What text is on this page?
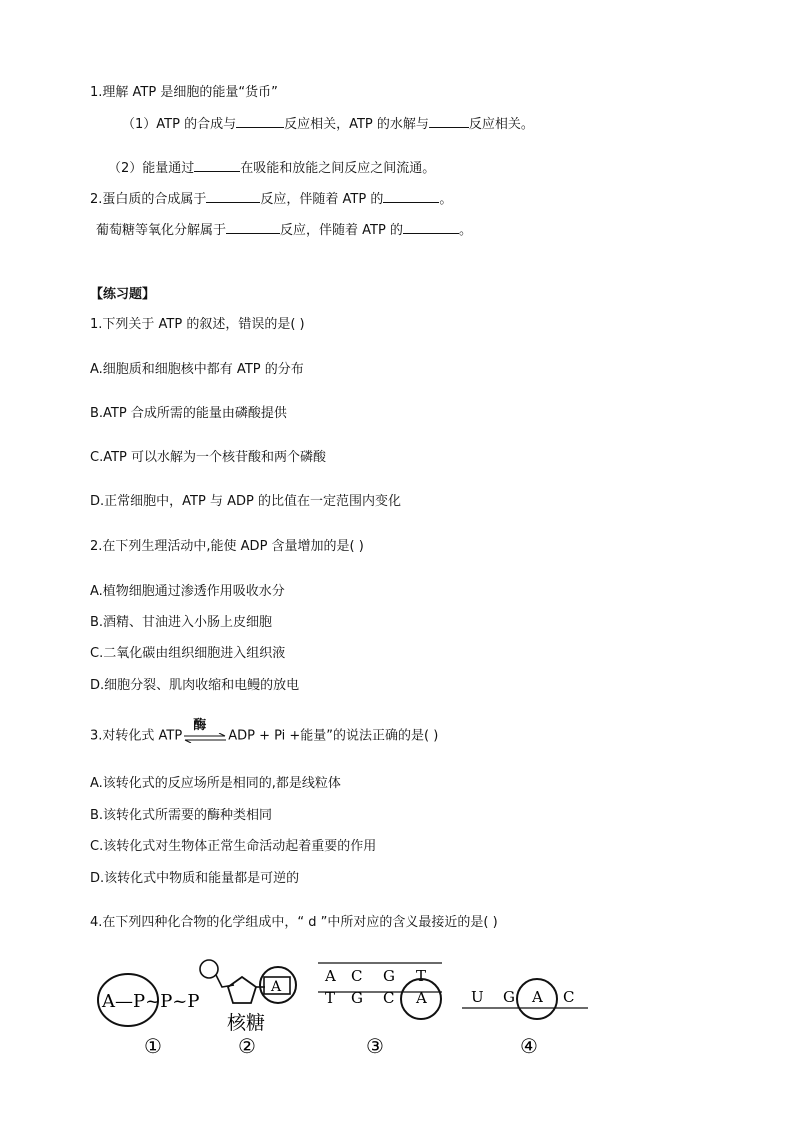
1.理解 ATP 是细胞的能量“货币”
（1）ATP 的合成与	反应相关，ATP 的水解与	反应相关。
（2）能量通过	在吸能和放能之间反应之间流通。
2.蛋白质的合成属于	反应，伴随着 ATP 的	。
葡萄糖等氧化分解属于	反应，伴随着 ATP 的	。
【练习题】
1.下列关于 ATP 的叙述，错误的是( )
A.细胞质和细胞核中都有 ATP 的分布
B.ATP 合成所需的能量由磷酸提供
C.ATP 可以水解为一个核苷酸和两个磷酸
D.正常细胞中，ATP 与 ADP 的比值在一定范围内变化
2.在下列生理活动中,能使 ADP 含量增加的是( )
A.植物细胞通过渗透作用吸收水分
B.酒精、甘油进入小肠上皮细胞
C.二氧化碳由组织细胞进入组织液
D.细胞分裂、肌肉收缩和电鳗的放电
3.对转化式 ATP
酶
ADP + Pi +能量”的说法正确的是( )
A.该转化式的反应场所是相同的,都是线粒体
B.该转化式所需要的酶种类相同
C.该转化式对生物体正常生命活动起着重要的作用
D.该转化式中物质和能量都是可逆的
4.在下列四种化合物的化学组成中，“ d ”中所对应的含义最接近的是( )
A—P~P~P
①
A
核糖
②
A C G T
T G C A
③
U G A C
④
